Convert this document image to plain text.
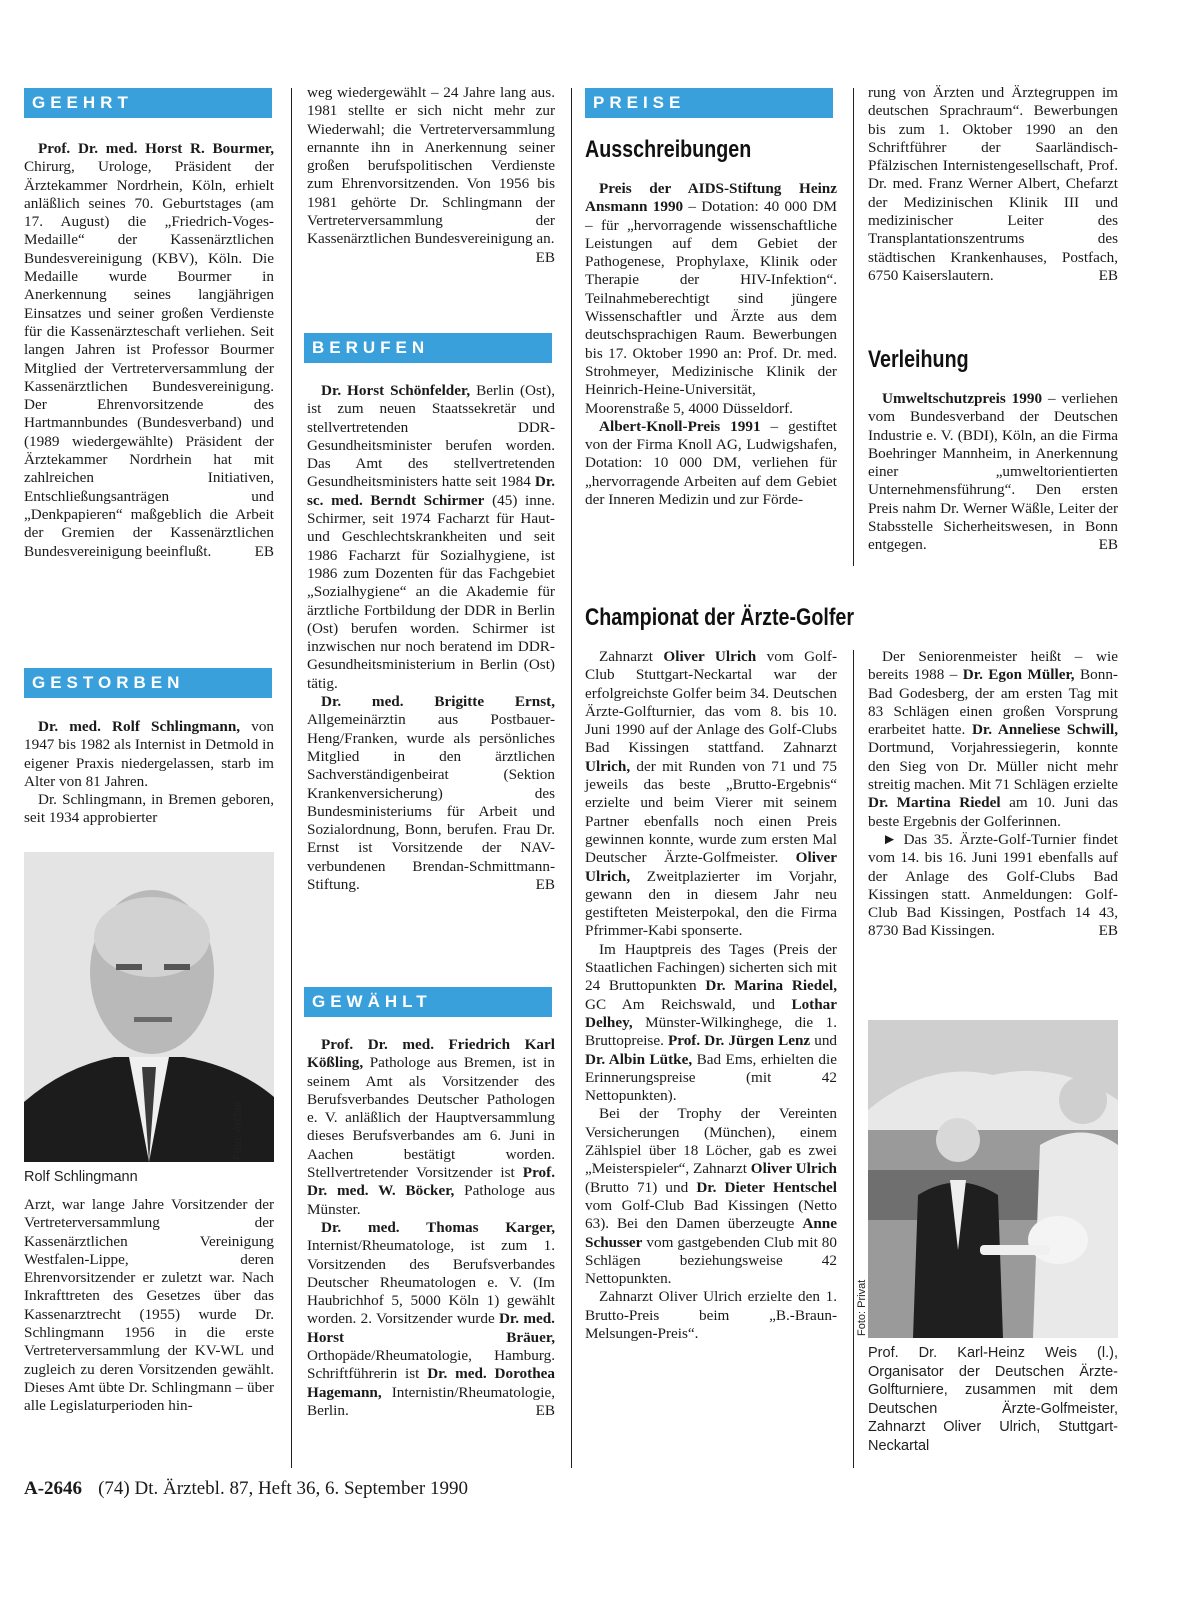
GEEHRT
GESTORBEN
BERUFEN
GEWÄHLT
PREISE

Prof. Dr. med. Horst R. Bourmer, Chirurg, Urologe, Präsident der Ärztekammer Nordrhein, Köln, erhielt anläßlich seines 70. Geburtstages (am 17. August) die „Friedrich-Voges-Medaille“ der Kassenärztlichen Bundesvereinigung (KBV), Köln. Die Medaille wurde Bourmer in Anerkennung seines langjährigen Einsatzes und seiner großen Verdienste für die Kassenärzteschaft verliehen. Seit langen Jahren ist Professor Bourmer Mitglied der Vertreterversammlung der Kassenärztlichen Bundesvereinigung. Der Ehrenvorsitzende des Hartmannbundes (Bundesverband) und (1989 wiedergewählte) Präsident der Ärztekammer Nordrhein hat mit zahlreichen Initiativen, Entschließungsanträgen und „Denkpapieren“ maßgeblich die Arbeit der Gremien der Kassenärztlichen Bundesvereinigung beeinflußt.	EB

Dr. med. Rolf Schlingmann, von 1947 bis 1982 als Internist in Detmold in eigener Praxis niedergelassen, starb im Alter von 81 Jahren.

Dr. Schlingmann, in Bremen geboren, seit 1934 approbierter

Foto: Archiv
Rolf Schlingmann

Arzt, war lange Jahre Vorsitzender der Vertreterversammlung der Kassenärztlichen Vereinigung Westfalen-Lippe, deren Ehrenvorsitzender er zuletzt war. Nach Inkrafttreten des Gesetzes über das Kassenarztrecht (1955) wurde Dr. Schlingmann 1956 in die erste Vertreterversammlung der KV-WL und zugleich zu deren Vorsitzenden gewählt. Dieses Amt übte Dr. Schlingmann – über alle Legislaturperioden hin-

weg wiedergewählt – 24 Jahre lang aus. 1981 stellte er sich nicht mehr zur Wiederwahl; die Vertreterversammlung ernannte ihn in Anerkennung seiner großen berufspolitischen Verdienste zum Ehrenvorsitzenden. Von 1956 bis 1981 gehörte Dr. Schlingmann der Vertreterversammlung der Kassenärztlichen Bundesvereinigung an.
EB

Dr. Horst Schönfelder, Berlin (Ost), ist zum neuen Staatssekretär und stellvertretenden DDR-Gesundheitsminister berufen worden. Das Amt des stellvertretenden Gesundheitsministers hatte seit 1984 Dr. sc. med. Berndt Schirmer (45) inne. Schirmer, seit 1974 Facharzt für Haut- und Geschlechtskrankheiten und seit 1986 Facharzt für Sozialhygiene, ist 1986 zum Dozenten für das Fachgebiet „Sozialhygiene“ an die Akademie für ärztliche Fortbildung der DDR in Berlin (Ost) berufen worden. Schirmer ist inzwischen nur noch beratend im DDR-Gesundheitsministerium in Berlin (Ost) tätig.

Dr. med. Brigitte Ernst, Allgemeinärztin aus Postbauer-Heng/Franken, wurde als persönliches Mitglied in den ärztlichen Sachverständigenbeirat (Sektion Krankenversicherung) des Bundesministeriums für Arbeit und Sozialordnung, Bonn, berufen. Frau Dr. Ernst ist Vorsitzende der NAV-verbundenen Brendan-Schmittmann-Stiftung.	EB

Prof. Dr. med. Friedrich Karl Kößling, Pathologe aus Bremen, ist in seinem Amt als Vorsitzender des Berufsverbandes Deutscher Pathologen e. V. anläßlich der Hauptversammlung dieses Berufsverbandes am 6. Juni in Aachen bestätigt worden. Stellvertretender Vorsitzender ist Prof. Dr. med. W. Böcker, Pathologe aus Münster.

Dr. med. Thomas Karger, Internist/Rheumatologe, ist zum 1. Vorsitzenden des Berufsverbandes Deutscher Rheumatologen e. V. (Im Haubrichhof 5, 5000 Köln 1) gewählt worden. 2. Vorsitzender wurde Dr. med. Horst Bräuer, Orthopäde/Rheumatologie, Hamburg. Schriftführerin ist Dr. med. Dorothea Hagemann, Internistin/Rheumatologie, Berlin.	EB

Ausschreibungen

Preis der AIDS-Stiftung Heinz Ansmann 1990 – Dotation: 40 000 DM – für „hervorragende wissenschaftliche Leistungen auf dem Gebiet der Pathogenese, Prophylaxe, Klinik oder Therapie der HIV-Infektion“. Teilnahmeberechtigt sind jüngere Wissenschaftler und Ärzte aus dem deutschsprachigen Raum. Bewerbungen bis 17. Oktober 1990 an: Prof. Dr. med. Strohmeyer, Medizinische Klinik der Heinrich-Heine-Universität, Moorenstraße 5, 4000 Düsseldorf.

Albert-Knoll-Preis 1991 – gestiftet von der Firma Knoll AG, Ludwigshafen, Dotation: 10 000 DM, verliehen für „hervorragende Arbeiten auf dem Gebiet der Inneren Medizin und zur Förde-

rung von Ärzten und Ärztegruppen im deutschen Sprachraum“. Bewerbungen bis zum 1. Oktober 1990 an den Schriftführer der Saarländisch-Pfälzischen Internistengesellschaft, Prof. Dr. med. Franz Werner Albert, Chefarzt der Medizinischen Klinik III und medizinischer Leiter des Transplantationszentrums des städtischen Krankenhauses, Postfach, 6750 Kaiserslautern.	EB

Verleihung

Umweltschutzpreis 1990 – verliehen vom Bundesverband der Deutschen Industrie e. V. (BDI), Köln, an die Firma Boehringer Mannheim, in Anerkennung einer „umweltorientierten Unternehmensführung“. Den ersten Preis nahm Dr. Werner Wäßle, Leiter der Stabsstelle Sicherheitswesen, in Bonn entgegen.	EB

Championat der Ärzte-Golfer

Zahnarzt Oliver Ulrich vom Golf-Club Stuttgart-Neckartal war der erfolgreichste Golfer beim 34. Deutschen Ärzte-Golfturnier, das vom 8. bis 10. Juni 1990 auf der Anlage des Golf-Clubs Bad Kissingen stattfand. Zahnarzt Ulrich, der mit Runden von 71 und 75 jeweils das beste „Brutto-Ergebnis“ erzielte und beim Vierer mit seinem Partner ebenfalls noch einen Preis gewinnen konnte, wurde zum ersten Mal Deutscher Ärzte-Golfmeister. Oliver Ulrich, Zweitplazierter im Vorjahr, gewann den in diesem Jahr neu gestifteten Meisterpokal, den die Firma Pfrimmer-Kabi sponserte.

Im Hauptpreis des Tages (Preis der Staatlichen Fachingen) sicherten sich mit 24 Bruttopunkten Dr. Marina Riedel, GC Am Reichswald, und Lothar Delhey, Münster-Wilkinghege, die 1. Bruttopreise. Prof. Dr. Jürgen Lenz und Dr. Albin Lütke, Bad Ems, erhielten die Erinnerungspreise (mit 42 Nettopunkten).

Bei der Trophy der Vereinten Versicherungen (München), einem Zählspiel über 18 Löcher, gab es zwei „Meisterspieler“, Zahnarzt Oliver Ulrich (Brutto 71) und Dr. Dieter Hentschel vom Golf-Club Bad Kissingen (Netto 63). Bei den Damen überzeugte Anne Schusser vom gastgebenden Club mit 80 Schlägen beziehungsweise 42 Nettopunkten.

Zahnarzt Oliver Ulrich erzielte den 1. Brutto-Preis beim „B.-Braun-Melsungen-Preis“.

Der Seniorenmeister heißt – wie bereits 1988 – Dr. Egon Müller, Bonn-Bad Godesberg, der am ersten Tag mit 83 Schlägen einen großen Vorsprung erarbeitet hatte. Dr. Anneliese Schwill, Dortmund, Vorjahressiegerin, konnte den Sieg von Dr. Müller nicht mehr streitig machen. Mit 71 Schlägen erzielte Dr. Martina Riedel am 10. Juni das beste Ergebnis der Golferinnen.

► Das 35. Ärzte-Golf-Turnier findet vom 14. bis 16. Juni 1991 ebenfalls auf der Anlage des Golf-Clubs Bad Kissingen statt. Anmeldungen: Golf-Club Bad Kissingen, Postfach 14 43, 8730 Bad Kissingen.	EB

Foto: Privat
Prof. Dr. Karl-Heinz Weis (l.), Organisator der Deutschen Ärzte-Golfturniere, zusammen mit dem Deutschen Ärzte-Golfmeister, Zahnarzt Oliver Ulrich, Stuttgart-Neckartal
A-2646 (74) Dt. Ärztebl. 87, Heft 36, 6. September 1990
